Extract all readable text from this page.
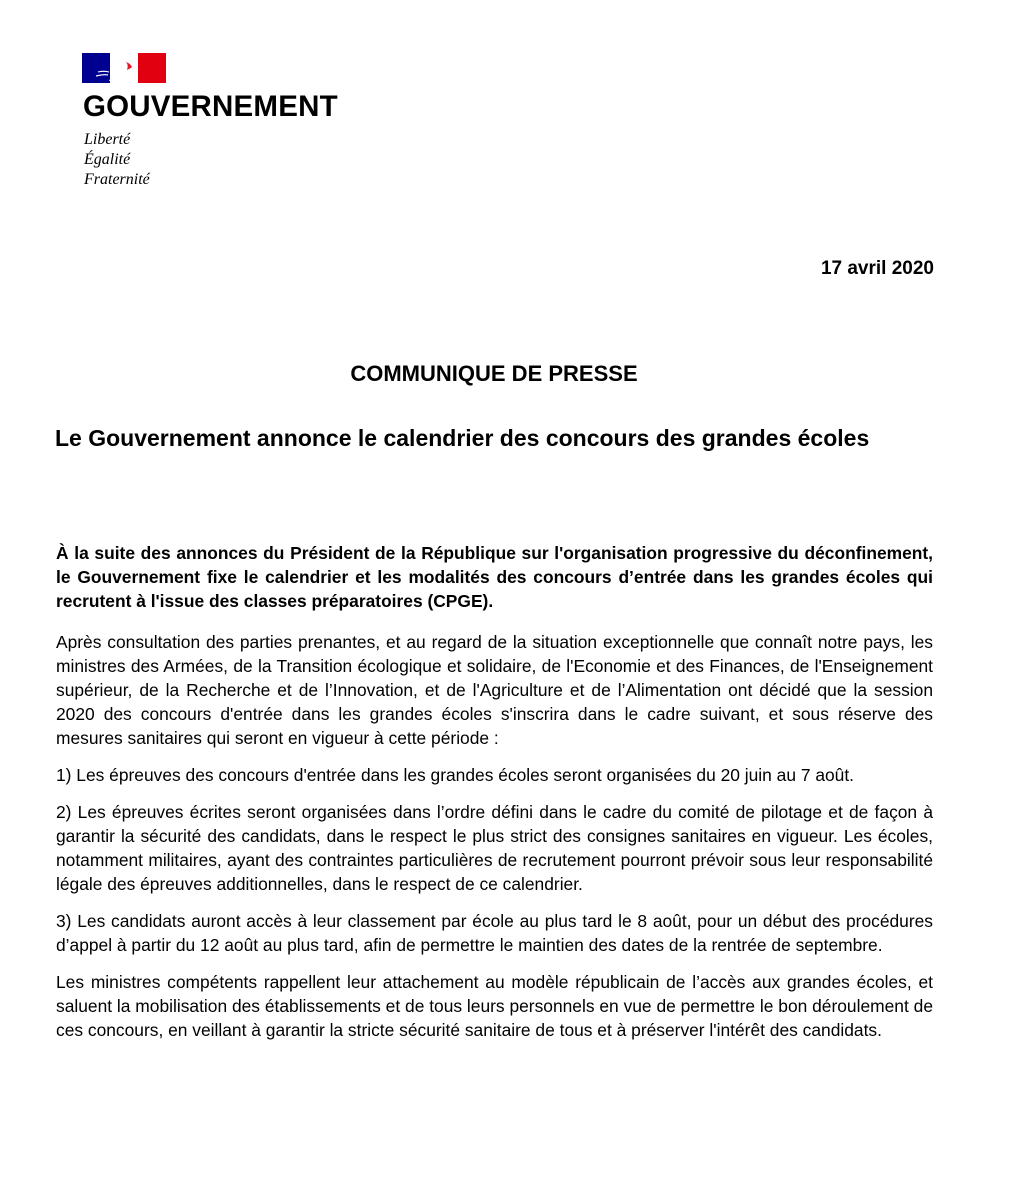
GOUVERNEMENT
Liberté
Égalité
Fraternité
17 avril 2020
COMMUNIQUE DE PRESSE
Le Gouvernement annonce le calendrier des concours des grandes écoles

À la suite des annonces du Président de la République sur l'organisation progressive du déconfinement, le Gouvernement fixe le calendrier et les modalités des concours d’entrée dans les grandes écoles qui recrutent à l'issue des classes préparatoires (CPGE).

Après consultation des parties prenantes, et au regard de la situation exceptionnelle que connaît notre pays, les ministres des Armées, de la Transition écologique et solidaire, de l'Economie et des Finances, de l'Enseignement supérieur, de la Recherche et de l’Innovation, et de l'Agriculture et de l’Alimentation ont décidé que la session 2020 des concours d'entrée dans les grandes écoles s'inscrira dans le cadre suivant, et sous réserve des mesures sanitaires qui seront en vigueur à cette période :

1) Les épreuves des concours d'entrée dans les grandes écoles seront organisées du 20 juin au 7 août.

2) Les épreuves écrites seront organisées dans l’ordre défini dans le cadre du comité de pilotage et de façon à garantir la sécurité des candidats, dans le respect le plus strict des consignes sanitaires en vigueur. Les écoles, notamment militaires, ayant des contraintes particulières de recrutement pourront prévoir sous leur responsabilité légale des épreuves additionnelles, dans le respect de ce calendrier.

3) Les candidats auront accès à leur classement par école au plus tard le 8 août, pour un début des procédures d’appel à partir du 12 août au plus tard, afin de permettre le maintien des dates de la rentrée de septembre.

Les ministres compétents rappellent leur attachement au modèle républicain de l’accès aux grandes écoles, et saluent la mobilisation des établissements et de tous leurs personnels en vue de permettre le bon déroulement de ces concours, en veillant à garantir la stricte sécurité sanitaire de tous et à préserver l'intérêt des candidats.
